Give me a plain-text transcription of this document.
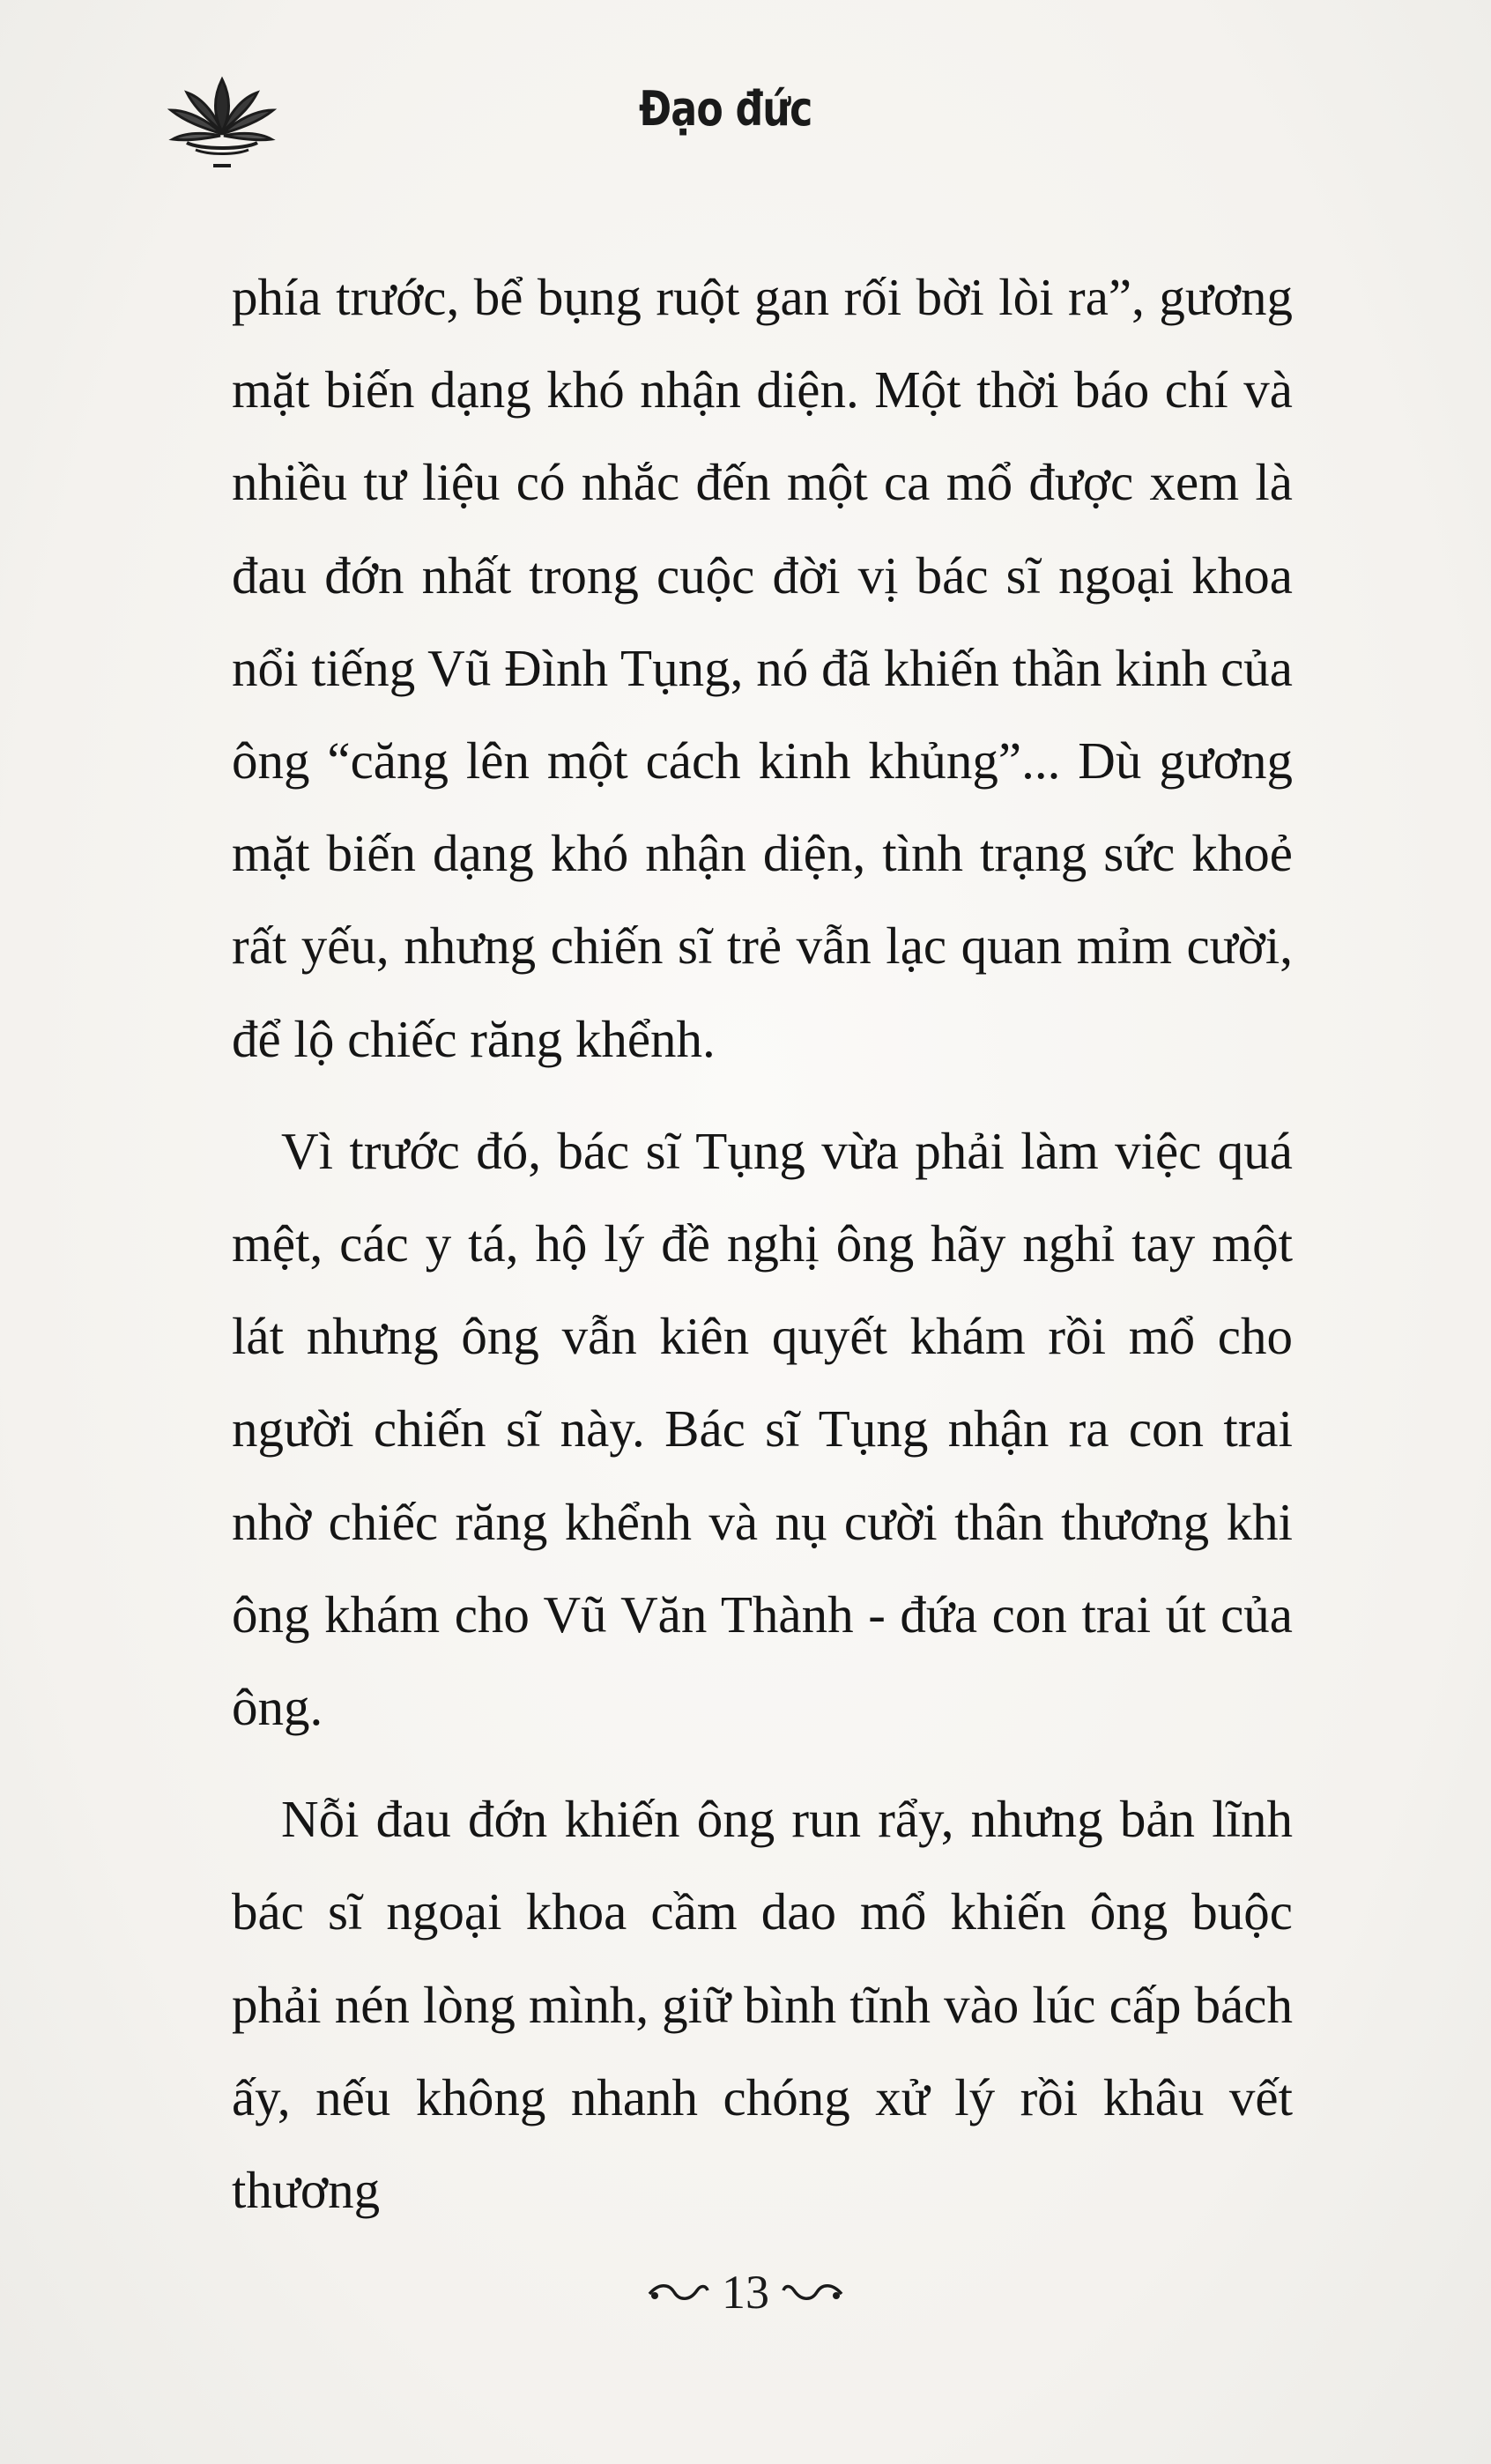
Đạo đức

phía trước, bể bụng ruột gan rối bời lòi ra”, gương mặt biến dạng khó nhận diện. Một thời báo chí và nhiều tư liệu có nhắc đến một ca mổ được xem là đau đớn nhất trong cuộc đời vị bác sĩ ngoại khoa nổi tiếng Vũ Đình Tụng, nó đã khiến thần kinh của ông “căng lên một cách kinh khủng”... Dù gương mặt biến dạng khó nhận diện, tình trạng sức khoẻ rất yếu, nhưng chiến sĩ trẻ vẫn lạc quan mỉm cười, để lộ chiếc răng khểnh.

Vì trước đó, bác sĩ Tụng vừa phải làm việc quá mệt, các y tá, hộ lý đề nghị ông hãy nghỉ tay một lát nhưng ông vẫn kiên quyết khám rồi mổ cho người chiến sĩ này. Bác sĩ Tụng nhận ra con trai nhờ chiếc răng khểnh và nụ cười thân thương khi ông khám cho Vũ Văn Thành - đứa con trai út của ông.

Nỗi đau đớn khiến ông run rẩy, nhưng bản lĩnh bác sĩ ngoại khoa cầm dao mổ khiến ông buộc phải nén lòng mình, giữ bình tĩnh vào lúc cấp bách ấy, nếu không nhanh chóng xử lý rồi khâu vết thương

13
